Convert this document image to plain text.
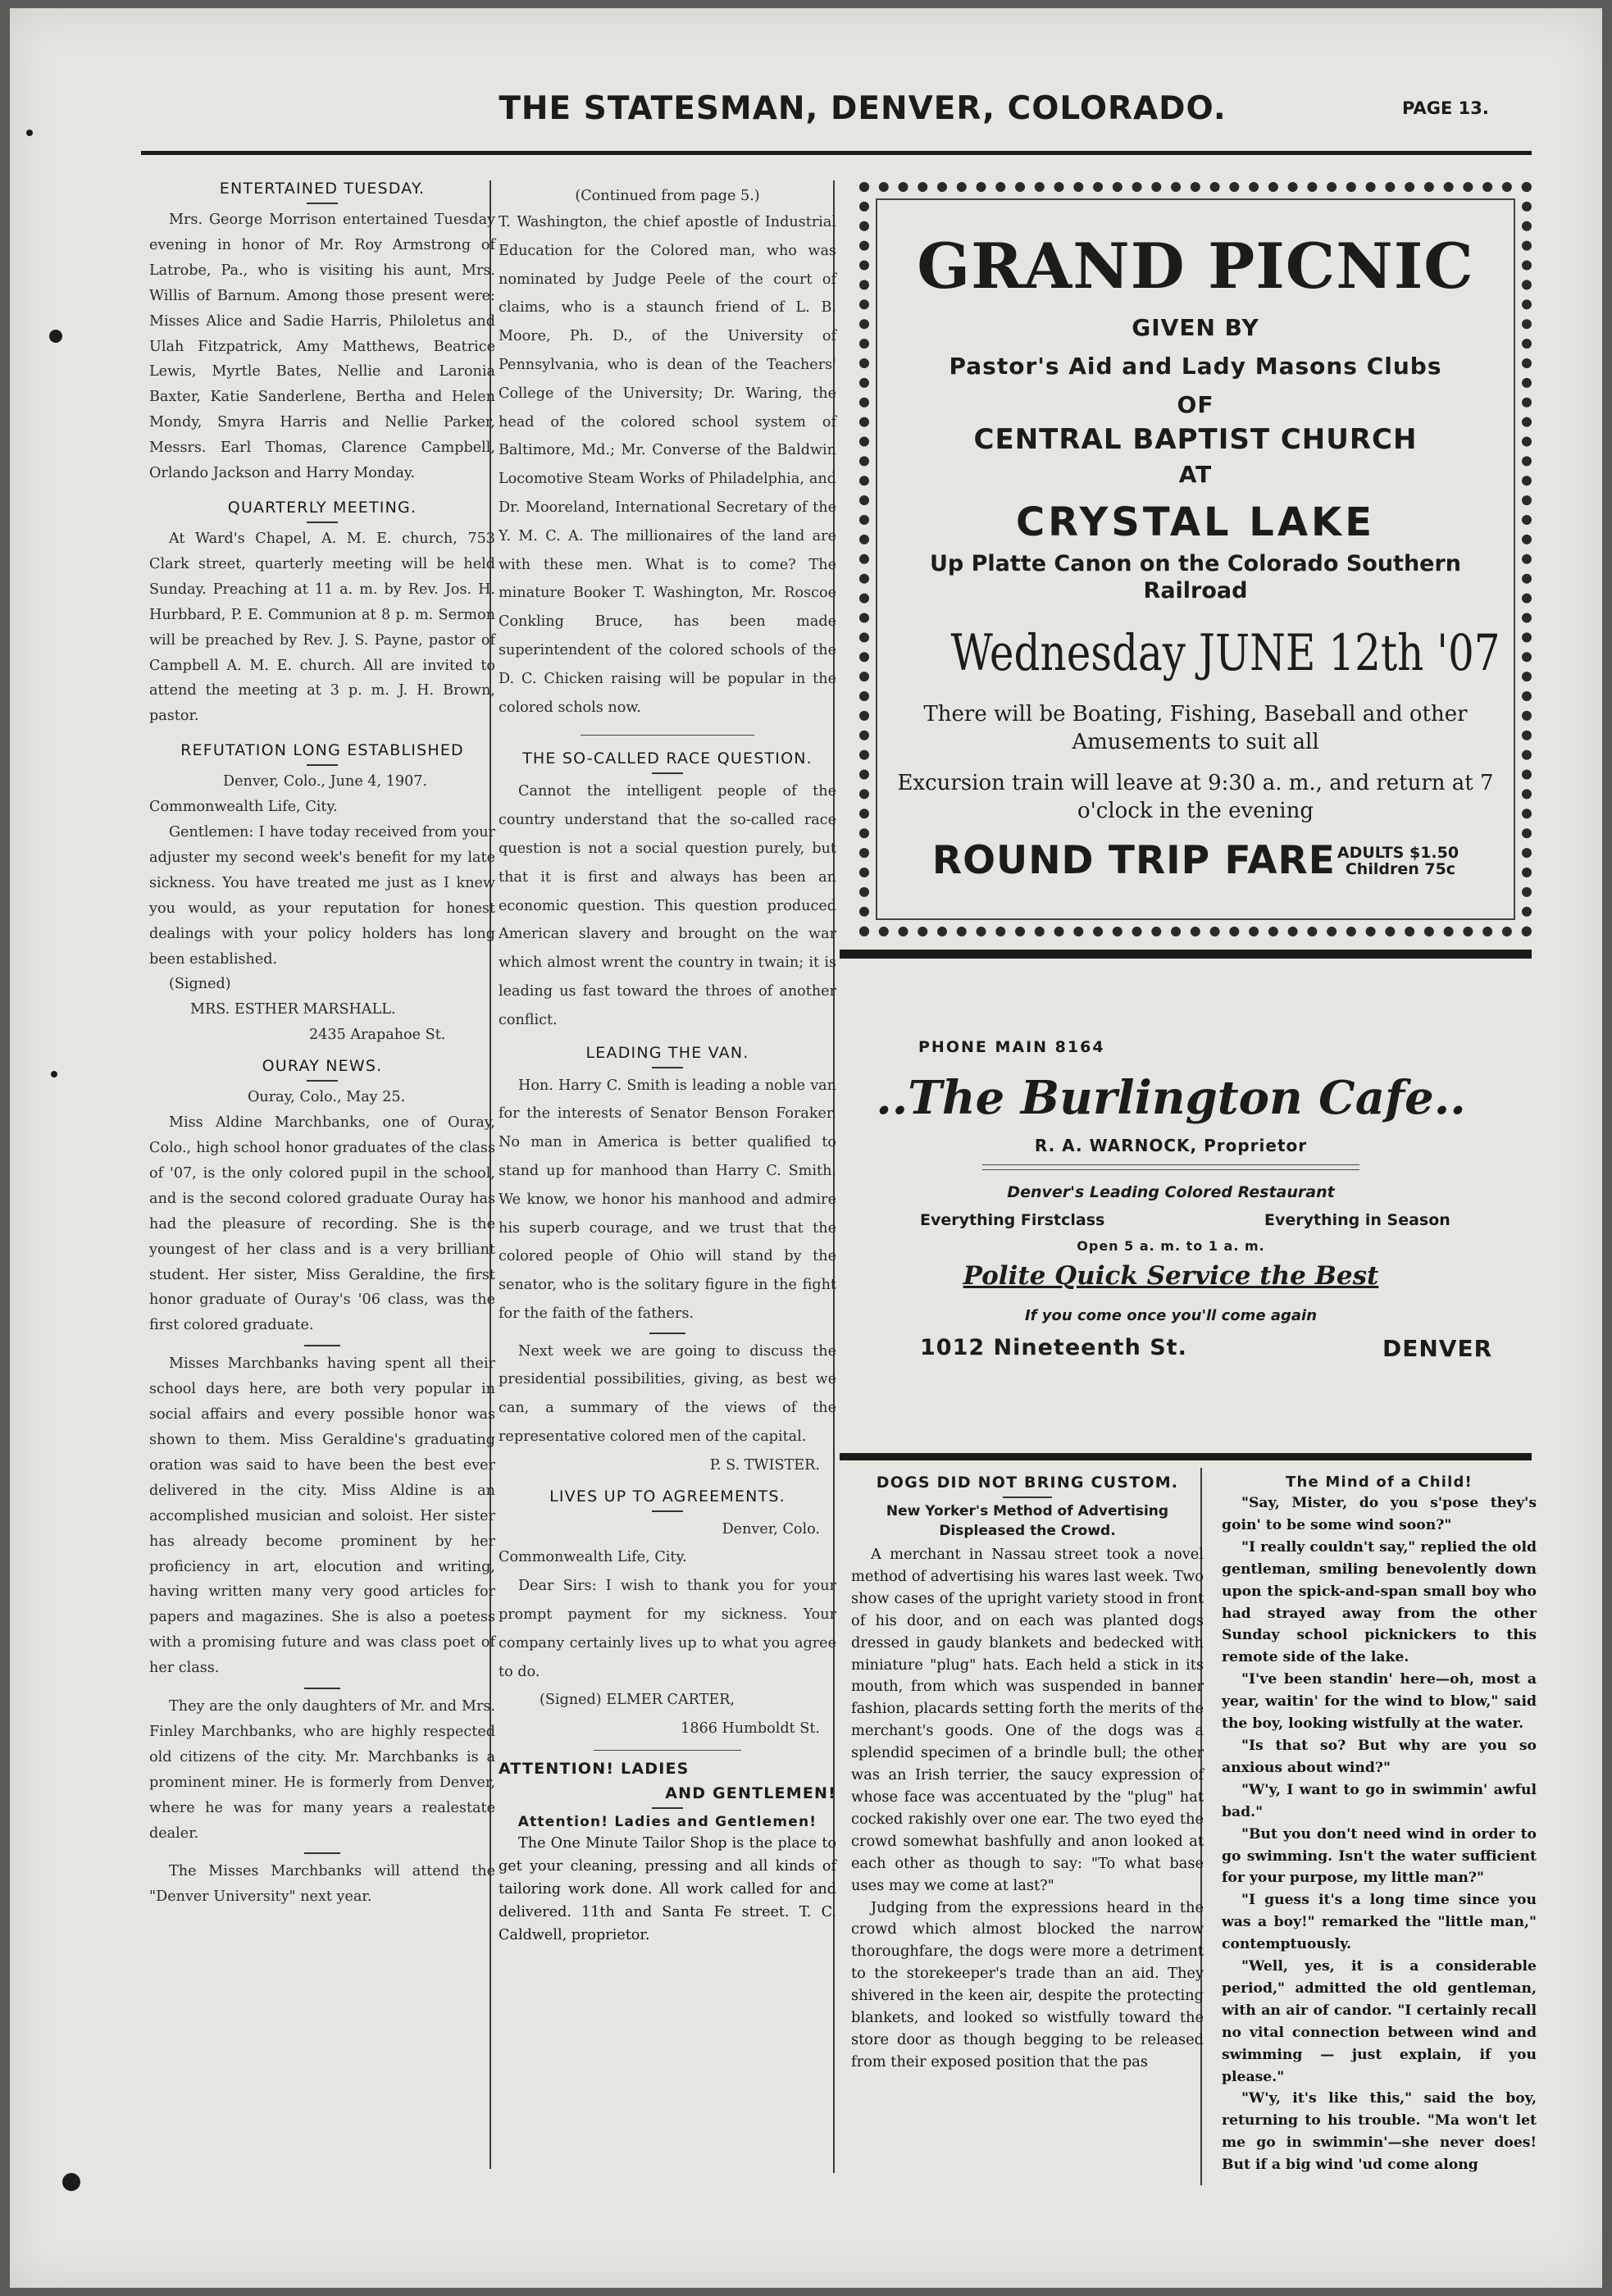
THE STATESMAN, DENVER, COLORADO.	PAGE 13.

ENTERTAINED TUESDAY.

Mrs. George Morrison entertained Tuesday evening in honor of Mr. Roy Armstrong of Latrobe, Pa., who is visiting his aunt, Mrs. Willis of Barnum. Among those present were: Misses Alice and Sadie Harris, Philoletus and Ulah Fitzpatrick, Amy Matthews, Beatrice Lewis, Myrtle Bates, Nellie and Laronia Baxter, Katie Sanderlene, Bertha and Helen Mondy, Smyra Harris and Nellie Parker, Messrs. Earl Thomas, Clarence Campbell, Orlando Jackson and Harry Monday.

QUARTERLY MEETING.

At Ward's Chapel, A. M. E. church, 753 Clark street, quarterly meeting will be held Sunday. Preaching at 11 a. m. by Rev. Jos. H. Hurbbard, P. E. Communion at 8 p. m. Sermon will be preached by Rev. J. S. Payne, pastor of Campbell A. M. E. church. All are invited to attend the meeting at 3 p. m. J. H. Brown, pastor.

REFUTATION LONG ESTABLISHED

Denver, Colo., June 4, 1907.

Commonwealth Life, City.

Gentlemen: I have today received from your adjuster my second week's benefit for my late sickness. You have treated me just as I knew you would, as your reputation for honest dealings with your policy holders has long been established.

(Signed)

MRS. ESTHER MARSHALL.

2435 Arapahoe St.

OURAY NEWS.

Ouray, Colo., May 25.

Miss Aldine Marchbanks, one of Ouray, Colo., high school honor graduates of the class of '07, is the only colored pupil in the school, and is the second colored graduate Ouray has had the pleasure of recording. She is the youngest of her class and is a very brilliant student. Her sister, Miss Geraldine, the first honor graduate of Ouray's '06 class, was the first colored graduate.

Misses Marchbanks having spent all their school days here, are both very popular in social affairs and every possible honor was shown to them. Miss Geraldine's graduating oration was said to have been the best ever delivered in the city. Miss Aldine is an accomplished musician and soloist. Her sister has already become prominent by her proficiency in art, elocution and writing, having written many very good articles for papers and magazines. She is also a poetess with a promising future and was class poet of her class.

They are the only daughters of Mr. and Mrs. Finley Marchbanks, who are highly respected old citizens of the city. Mr. Marchbanks is a prominent miner. He is formerly from Denver, where he was for many years a realestate dealer.

The Misses Marchbanks will attend the "Denver University" next year.

(Continued from page 5.)

T. Washington, the chief apostle of Industrial Education for the Colored man, who was nominated by Judge Peele of the court of claims, who is a staunch friend of L. B. Moore, Ph. D., of the University of Pennsylvania, who is dean of the Teachers' College of the University; Dr. Waring, the head of the colored school system of Baltimore, Md.; Mr. Converse of the Baldwin Locomotive Steam Works of Philadelphia, and Dr. Mooreland, International Secretary of the Y. M. C. A. The millionaires of the land are with these men. What is to come? The minature Booker T. Washington, Mr. Roscoe Conkling Bruce, has been made superintendent of the colored schools of the D. C. Chicken raising will be popular in the colored schols now.

THE SO-CALLED RACE QUESTION.

Cannot the intelligent people of the country understand that the so-called race question is not a social question purely, but that it is first and always has been an economic question. This question produced American slavery and brought on the war which almost wrent the country in twain; it is leading us fast toward the throes of another conflict.

LEADING THE VAN.

Hon. Harry C. Smith is leading a noble van for the interests of Senator Benson Foraker. No man in America is better qualified to stand up for manhood than Harry C. Smith. We know, we honor his manhood and admire his superb courage, and we trust that the colored people of Ohio will stand by the senator, who is the solitary figure in the fight for the faith of the fathers.

Next week we are going to discuss the presidential possibilities, giving, as best we can, a summary of the views of the representative colored men of the capital.

P. S. TWISTER.

LIVES UP TO AGREEMENTS.

Denver, Colo.

Commonwealth Life, City.

Dear Sirs: I wish to thank you for your prompt payment for my sickness. Your company certainly lives up to what you agree to do.

(Signed) ELMER CARTER,

1866 Humboldt St.

ATTENTION! LADIES

AND GENTLEMEN!

Attention! Ladies and Gentlemen!

The One Minute Tailor Shop is the place to get your cleaning, pressing and all kinds of tailoring work done. All work called for and delivered. 11th and Santa Fe street. T. C. Caldwell, proprietor.

GRAND PICNIC

GIVEN BY

Pastor's Aid and Lady Masons Clubs

OF

CENTRAL BAPTIST CHURCH

AT

CRYSTAL LAKE

Up Platte Canon on the Colorado Southern Railroad

Wednesday JUNE 12th '07

There will be Boating, Fishing, Baseball and other Amusements to suit all

Excursion train will leave at 9:30 a. m., and return at 7 o'clock in the evening

ROUND TRIP FARE ADULTS $1.50
Children 75c
PHONE MAIN 8164
..The Burlington Cafe..
R. A. WARNOCK, Proprietor
Denver's Leading Colored Restaurant
Everything Firstclass	Everything in Season
Open 5 a. m. to 1 a. m.
Polite Quick Service the Best
If you come once you'll come again
1012 Nineteenth St.	DENVER

DOGS DID NOT BRING CUSTOM.

New Yorker's Method of Advertising Displeased the Crowd.

A merchant in Nassau street took a novel method of advertising his wares last week. Two show cases of the upright variety stood in front of his door, and on each was planted dogs dressed in gaudy blankets and bedecked with miniature "plug" hats. Each held a stick in its mouth, from which was suspended in banner fashion, placards setting forth the merits of the merchant's goods. One of the dogs was a splendid specimen of a brindle bull; the other was an Irish terrier, the saucy expression of whose face was accentuated by the "plug" hat cocked rakishly over one ear. The two eyed the crowd somewhat bashfully and anon looked at each other as though to say: "To what base uses may we come at last?"

Judging from the expressions heard in the crowd which almost blocked the narrow thoroughfare, the dogs were more a detriment to the storekeeper's trade than an aid. They shivered in the keen air, despite the protecting blankets, and looked so wistfully toward the store door as though begging to be released from their exposed position that the pas

The Mind of a Child!

"Say, Mister, do you s'pose they's goin' to be some wind soon?"

"I really couldn't say," replied the old gentleman, smiling benevolently down upon the spick-and-span small boy who had strayed away from the other Sunday school picknickers to this remote side of the lake.

"I've been standin' here—oh, most a year, waitin' for the wind to blow," said the boy, looking wistfully at the water.

"Is that so? But why are you so anxious about wind?"

"W'y, I want to go in swimmin' awful bad."

"But you don't need wind in order to go swimming. Isn't the water sufficient for your purpose, my little man?"

"I guess it's a long time since you was a boy!" remarked the "little man," contemptuously.

"Well, yes, it is a considerable period," admitted the old gentleman, with an air of candor. "I certainly recall no vital connection between wind and swimming — just explain, if you please."

"W'y, it's like this," said the boy, returning to his trouble. "Ma won't let me go in swimmin'—she never does! But if a big wind 'ud come along
